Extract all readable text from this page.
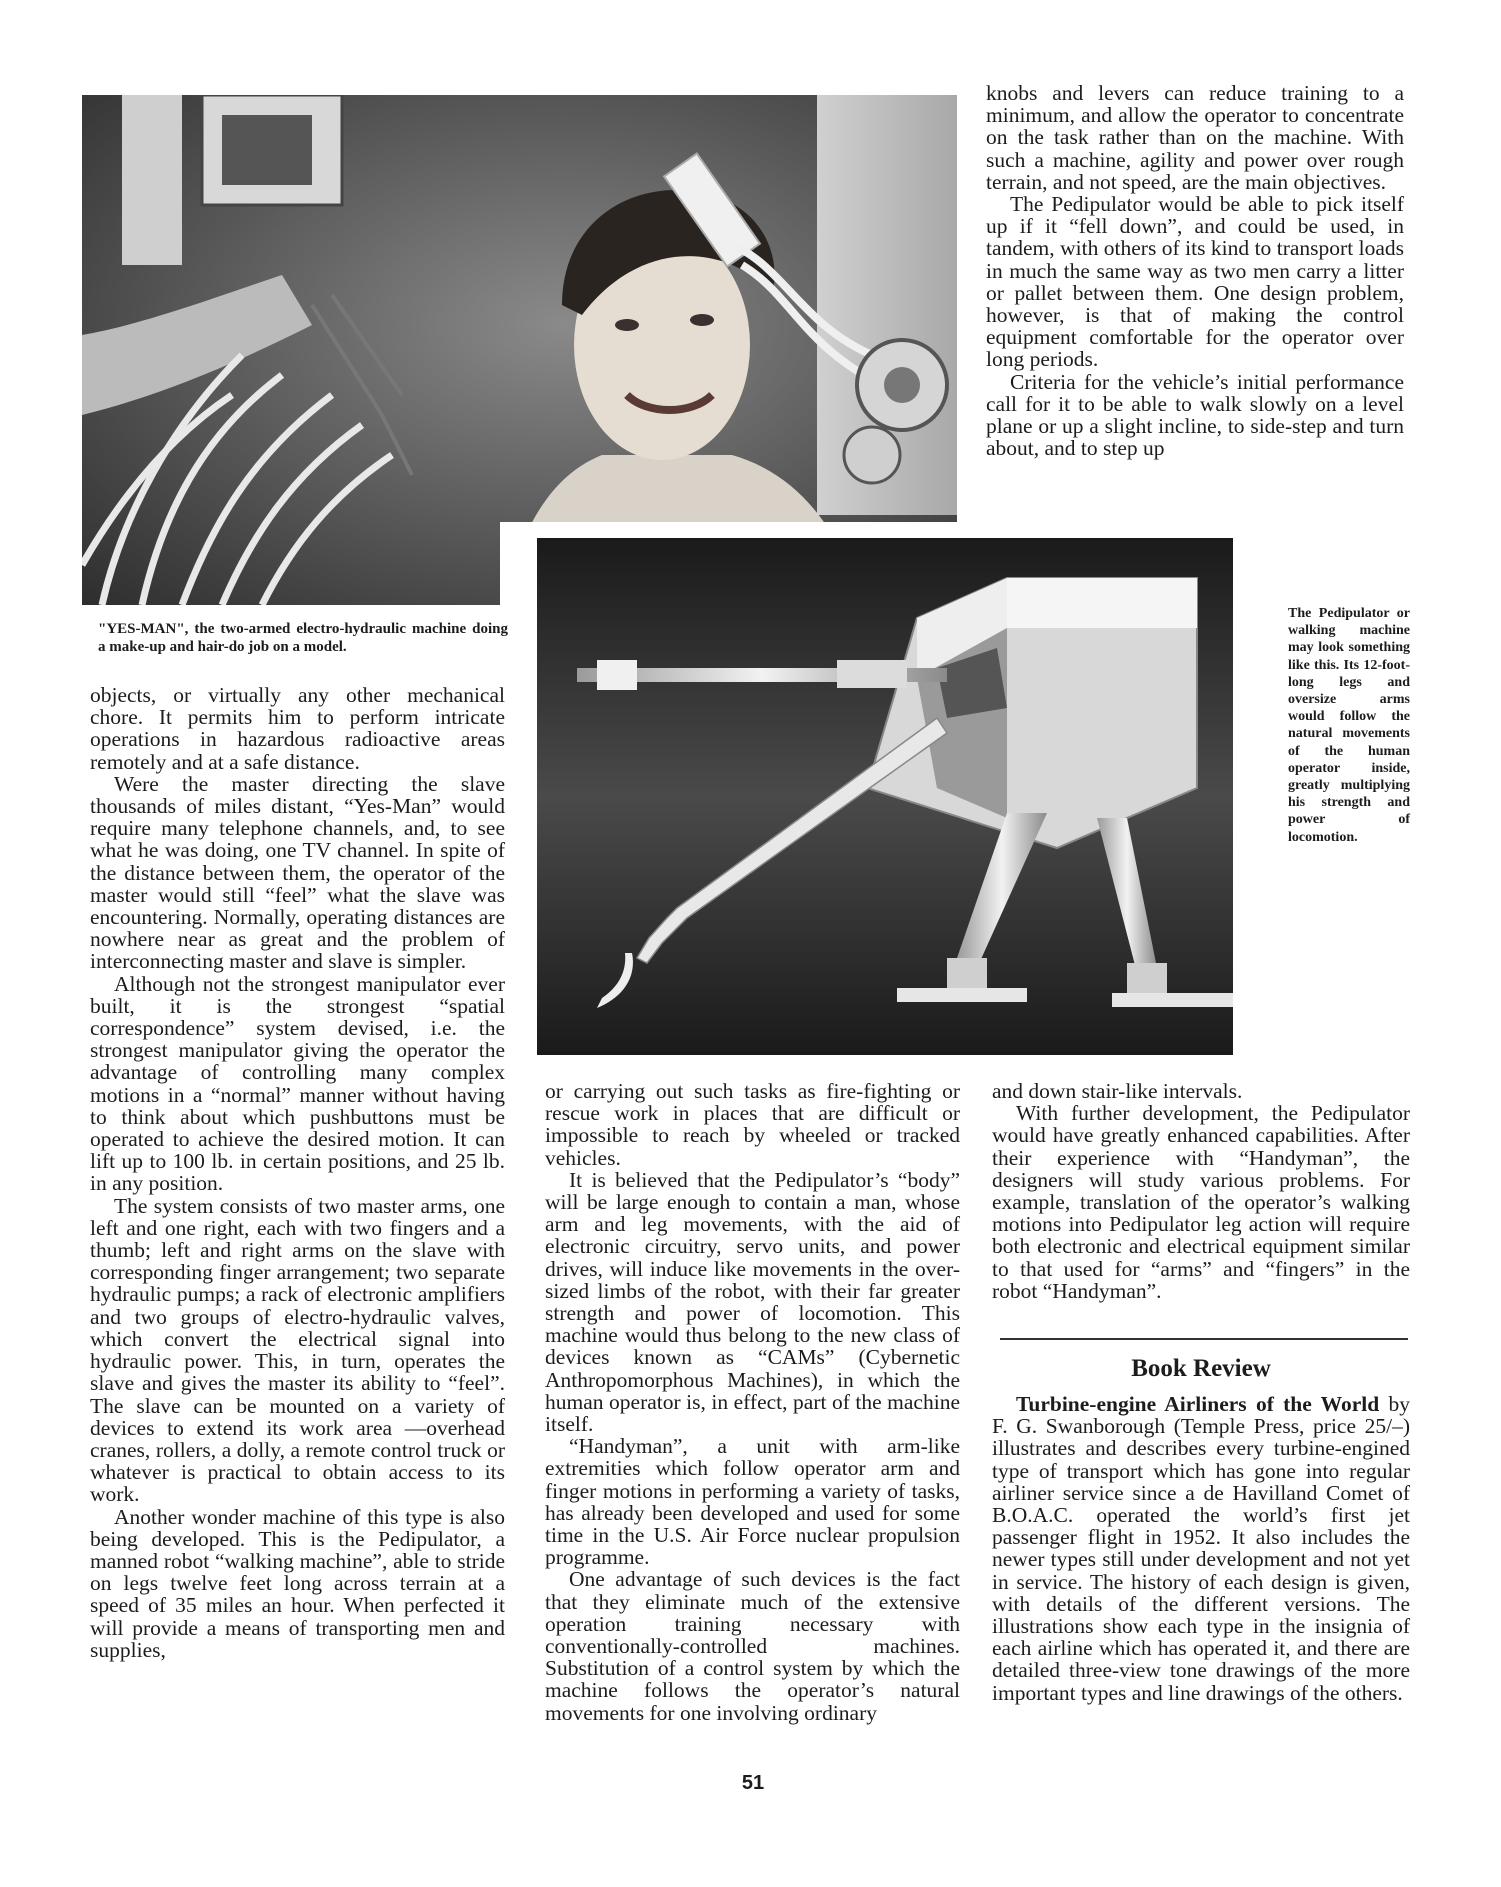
"YES-MAN", the two-armed electro-hydraulic machine doing a make-up and hair-do job on a model.

knobs and levers can reduce training to a minimum, and allow the operator to concentrate on the task rather than on the machine. With such a machine, agility and power over rough terrain, and not speed, are the main objectives.

The Pedipulator would be able to pick itself up if it “fell down”, and could be used, in tandem, with others of its kind to transport loads in much the same way as two men carry a litter or pallet between them. One design problem, however, is that of making the control equipment comfortable for the operator over long periods.

Criteria for the vehicle’s initial performance call for it to be able to walk slowly on a level plane or up a slight incline, to side-step and turn about, and to step up

The Pedipulator or walking machine may look something like this. Its 12-foot-long legs and oversize arms would follow the natural movements of the human operator inside, greatly multiplying his strength and power of locomotion.

objects, or virtually any other mechanical chore. It permits him to perform intricate operations in hazardous radioactive areas remotely and at a safe distance.

Were the master directing the slave thousands of miles distant, “Yes-Man” would require many telephone channels, and, to see what he was doing, one TV channel. In spite of the distance between them, the operator of the master would still “feel” what the slave was encountering. Normally, operating distances are nowhere near as great and the problem of interconnecting master and slave is simpler.

Although not the strongest manipulator ever built, it is the strongest “spatial correspondence” system devised, i.e. the strongest manipulator giving the operator the advantage of controlling many complex motions in a “normal” manner without having to think about which pushbuttons must be operated to achieve the desired motion. It can lift up to 100 lb. in certain positions, and 25 lb. in any position.

The system consists of two master arms, one left and one right, each with two fingers and a thumb; left and right arms on the slave with corresponding finger arrangement; two separate hydraulic pumps; a rack of electronic amplifiers and two groups of electro-hydraulic valves, which convert the electrical signal into hydraulic power. This, in turn, operates the slave and gives the master its ability to “feel”. The slave can be mounted on a variety of devices to extend its work area —overhead cranes, rollers, a dolly, a remote control truck or whatever is practical to obtain access to its work.

Another wonder machine of this type is also being developed. This is the Pedipulator, a manned robot “walking machine”, able to stride on legs twelve feet long across terrain at a speed of 35 miles an hour. When perfected it will provide a means of transporting men and supplies,

or carrying out such tasks as fire-fighting or rescue work in places that are difficult or impossible to reach by wheeled or tracked vehicles.

It is believed that the Pedipulator’s “body” will be large enough to contain a man, whose arm and leg movements, with the aid of electronic circuitry, servo units, and power drives, will induce like movements in the over-sized limbs of the robot, with their far greater strength and power of locomotion. This machine would thus belong to the new class of devices known as “CAMs” (Cybernetic Anthropomorphous Machines), in which the human operator is, in effect, part of the machine itself.

“Handyman”, a unit with arm-like extremities which follow operator arm and finger motions in performing a variety of tasks, has already been developed and used for some time in the U.S. Air Force nuclear propulsion programme.

One advantage of such devices is the fact that they eliminate much of the extensive operation training necessary with conventionally-controlled machines. Substitution of a control system by which the machine follows the operator’s natural movements for one involving ordinary

and down stair-like intervals.

With further development, the Pedipulator would have greatly enhanced capabilities. After their experience with “Handyman”, the designers will study various problems. For example, translation of the operator’s walking motions into Pedipulator leg action will require both electronic and electrical equipment similar to that used for “arms” and “fingers” in the robot “Handyman”.

Book Review

Turbine-engine Airliners of the World by F. G. Swanborough (Temple Press, price 25/–) illustrates and describes every turbine-engined type of transport which has gone into regular airliner service since a de Havilland Comet of B.O.A.C. operated the world’s first jet passenger flight in 1952. It also includes the newer types still under development and not yet in service. The history of each design is given, with details of the different versions. The illustrations show each type in the insignia of each airline which has operated it, and there are detailed three-view tone drawings of the more important types and line drawings of the others.

51
